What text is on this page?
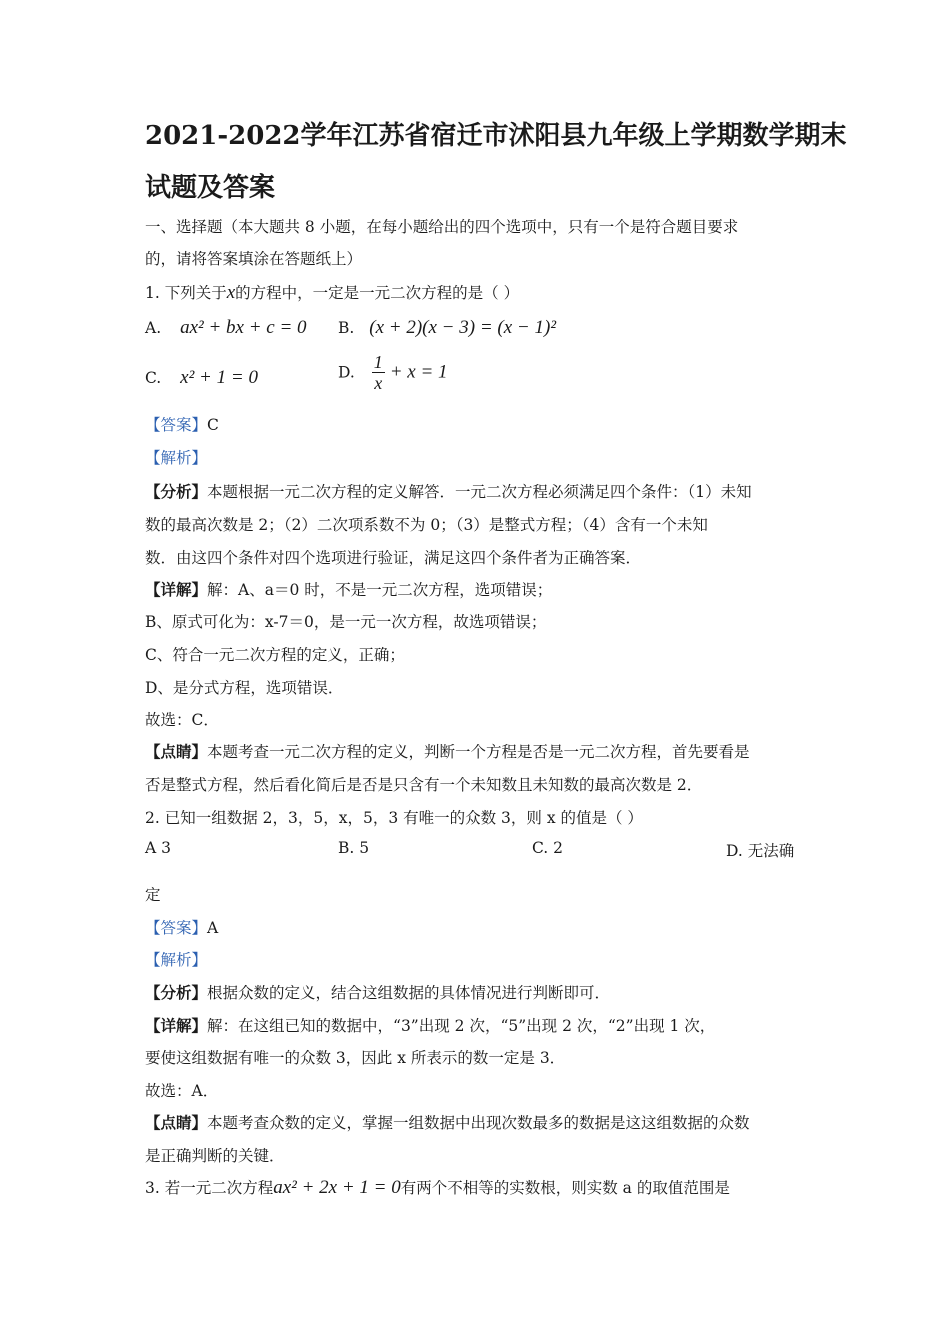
2021-2022学年江苏省宿迁市沭阳县九年级上学期数学期末
试题及答案
一、选择题（本大题共 8 小题，在每小题给出的四个选项中，只有一个是符合题目要求
的，请将答案填涂在答题纸上）
1. 下列关于x的方程中，一定是一元二次方程的是（ ）
A. ax² + bx + c = 0 B. (x + 2)(x − 3) = (x − 1)²
C. x² + 1 = 0	D. $\frac{1}{x} + x = 1$
【答案】C
【解析】
【分析】本题根据一元二次方程的定义解答．一元二次方程必须满足四个条件：（1）未知
数的最高次数是 2；（2）二次项系数不为 0；（3）是整式方程；（4）含有一个未知
数．由这四个条件对四个选项进行验证，满足这四个条件者为正确答案．
【详解】解：A、a＝0 时，不是一元二次方程，选项错误；
B、原式可化为：x-7＝0，是一元一次方程，故选项错误；
C、符合一元二次方程的定义，正确；
D、是分式方程，选项错误．
故选：C．
【点睛】本题考查一元二次方程的定义，判断一个方程是否是一元二次方程，首先要看是
否是整式方程，然后看化简后是否是只含有一个未知数且未知数的最高次数是 2．
2. 已知一组数据 2，3，5，x，5，3 有唯一的众数 3，则 x 的值是（ ）
A 3	B. 5	C. 2	D. 无法确
定
【答案】A
【解析】
【分析】根据众数的定义，结合这组数据的具体情况进行判断即可．
【详解】解：在这组已知的数据中，“3”出现 2 次，“5”出现 2 次，“2”出现 1 次，
要使这组数据有唯一的众数 3，因此 x 所表示的数一定是 3．
故选：A．
【点睛】本题考查众数的定义，掌握一组数据中出现次数最多的数据是这这组数据的众数
是正确判断的关键．
3. 若一元二次方程ax² + 2x + 1 = 0有两个不相等的实数根，则实数 a 的取值范围是
